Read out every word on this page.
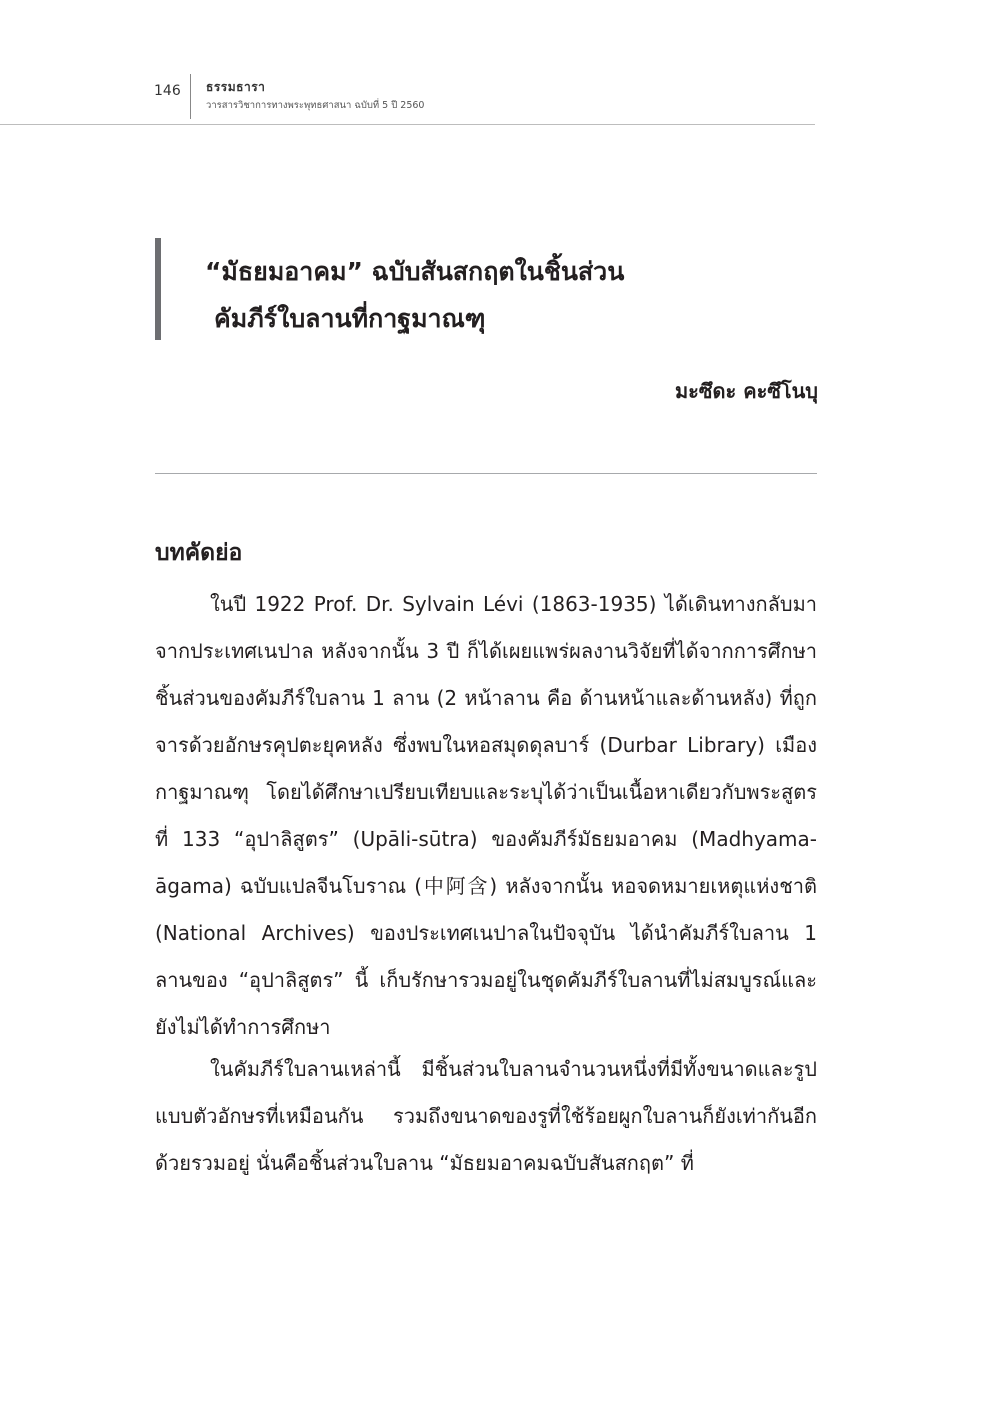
146 ธรรมธารา
วารสารวิชาการทางพระพุทธศาสนา ฉบับที่ 5 ปี 2560
“มัธยมอาคม” ฉบับสันสกฤตในชิ้นส่วน
คัมภีร์ใบลานที่กาฐมาณฑุ
มะซึดะ คะซึโนบุ
บทคัดย่อ
ในปี 1922 Prof. Dr. Sylvain Lévi (1863-1935) ได้เดินทางกลับมาจากประเทศเนปาล หลังจากนั้น 3 ปี ก็ได้เผยแพร่ผลงานวิจัยที่ได้จากการศึกษาชิ้นส่วนของคัมภีร์ใบลาน 1 ลาน (2 หน้าลาน คือ ด้านหน้าและด้านหลัง) ที่ถูกจารด้วยอักษรคุปตะยุคหลัง ซึ่งพบในหอสมุดดุลบาร์ (Durbar Library) เมืองกาฐมาณฑุ โดยได้ศึกษาเปรียบเทียบและระบุได้ว่าเป็นเนื้อหาเดียวกับพระสูตรที่ 133 “อุปาลิสูตร” (Upāli-sūtra) ของคัมภีร์มัธยมอาคม (Madhyama-āgama) ฉบับแปลจีนโบราณ (中阿含) หลังจากนั้น หอจดหมายเหตุแห่งชาติ (National Archives) ของประเทศเนปาลในปัจจุบัน ได้นำคัมภีร์ใบลาน 1 ลานของ “อุปาลิสูตร” นี้ เก็บรักษารวมอยู่ในชุดคัมภีร์ใบลานที่ไม่สมบูรณ์และยังไม่ได้ทำการศึกษา
ในคัมภีร์ใบลานเหล่านี้ มีชิ้นส่วนใบลานจำนวนหนึ่งที่มีทั้งขนาดและรูปแบบตัวอักษรที่เหมือนกัน รวมถึงขนาดของรูที่ใช้ร้อยผูกใบลานก็ยังเท่ากันอีกด้วยรวมอยู่ นั่นคือชิ้นส่วนใบลาน “มัธยมอาคมฉบับสันสกฤต” ที่
